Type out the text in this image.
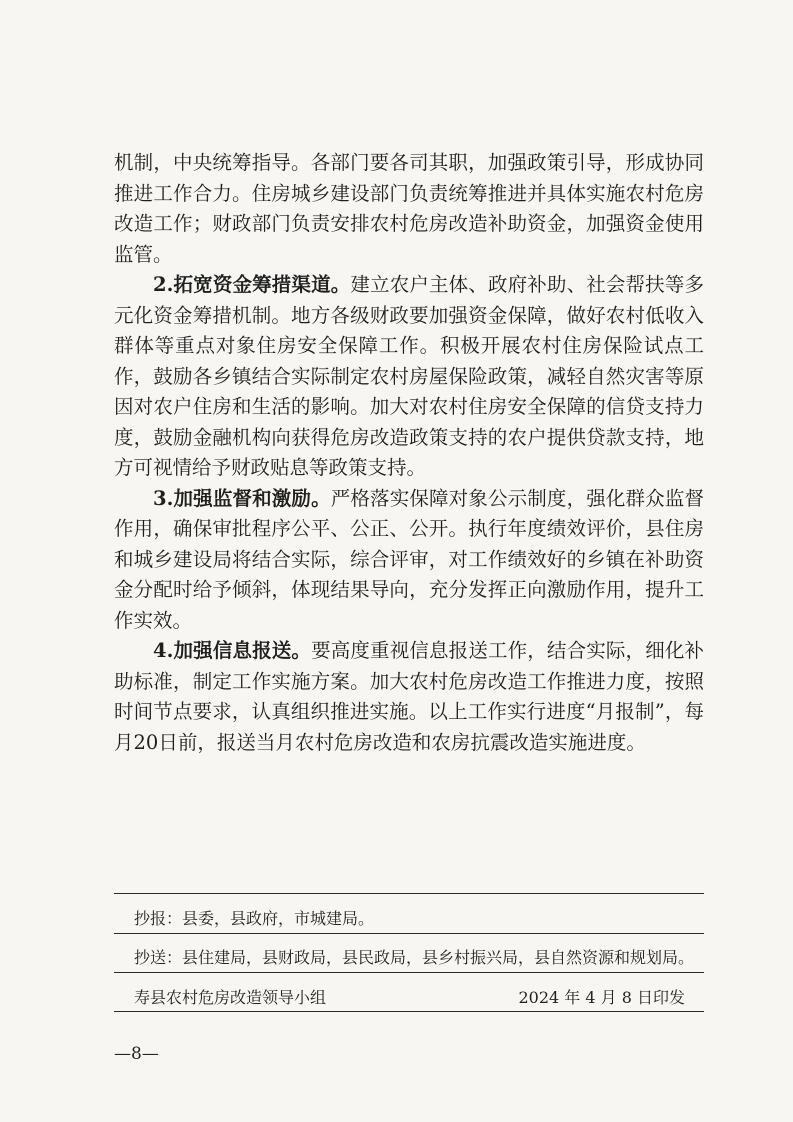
机制，中央统筹指导。各部门要各司其职，加强政策引导，形成协同推进工作合力。住房城乡建设部门负责统筹推进并具体实施农村危房改造工作；财政部门负责安排农村危房改造补助资金，加强资金使用监管。

2.拓宽资金筹措渠道。建立农户主体、政府补助、社会帮扶等多元化资金筹措机制。地方各级财政要加强资金保障，做好农村低收入群体等重点对象住房安全保障工作。积极开展农村住房保险试点工作，鼓励各乡镇结合实际制定农村房屋保险政策，减轻自然灾害等原因对农户住房和生活的影响。加大对农村住房安全保障的信贷支持力度，鼓励金融机构向获得危房改造政策支持的农户提供贷款支持，地方可视情给予财政贴息等政策支持。

3.加强监督和激励。严格落实保障对象公示制度，强化群众监督作用，确保审批程序公平、公正、公开。执行年度绩效评价，县住房和城乡建设局将结合实际，综合评审，对工作绩效好的乡镇在补助资金分配时给予倾斜，体现结果导向，充分发挥正向激励作用，提升工作实效。

4.加强信息报送。要高度重视信息报送工作，结合实际，细化补助标准，制定工作实施方案。加大农村危房改造工作推进力度，按照时间节点要求，认真组织推进实施。以上工作实行进度“月报制”，每月20日前，报送当月农村危房改造和农房抗震改造实施进度。

抄报：县委，县政府，市城建局。
抄送：县住建局，县财政局，县民政局，县乡村振兴局，县自然资源和规划局。
寿县农村危房改造领导小组	2024 年 4 月 8 日印发
—8—
